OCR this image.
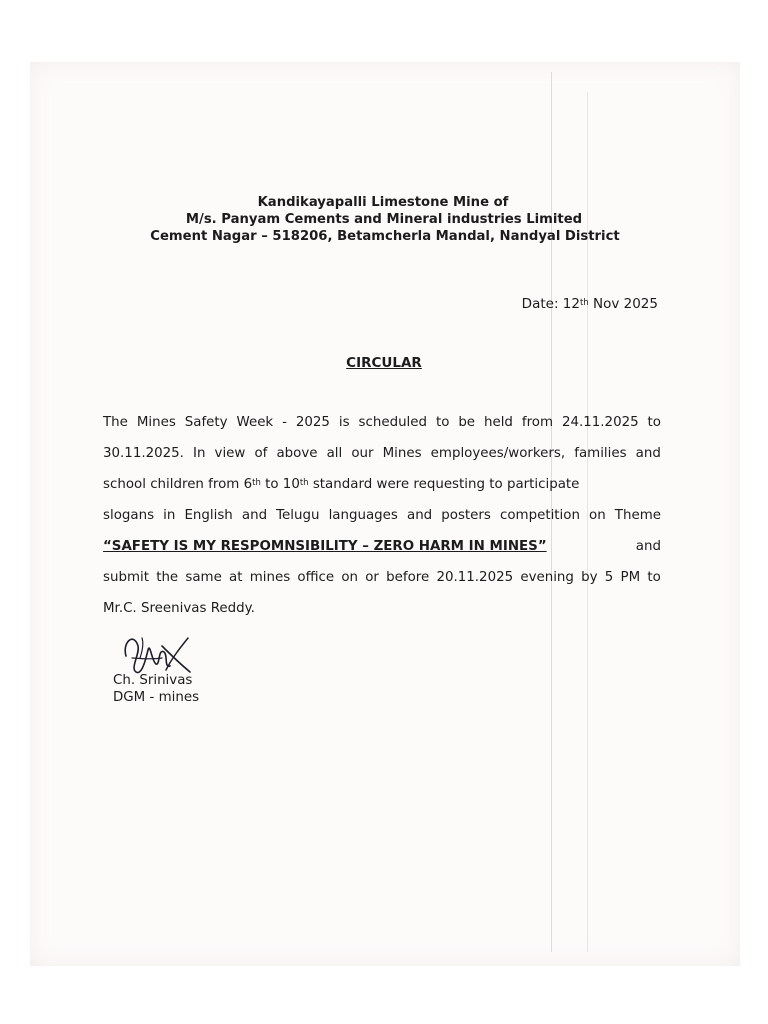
Kandikayapalli Limestone Mine of
M/s. Panyam Cements and Mineral industries Limited
Cement Nagar – 518206, Betamcherla Mandal, Nandyal District
Date: 12th Nov 2025
CIRCULAR
The Mines Safety Week - 2025 is scheduled to be held from 24.11.2025 to
30.11.2025. In view of above all our Mines employees/workers, families and
school children from 6th to 10th standard were requesting to participate
slogans in English and Telugu languages and posters competition on Theme
“SAFETY IS MY RESPOMNSIBILITY – ZERO HARM IN MINES”	and
submit the same at mines office on or before 20.11.2025 evening by 5 PM to
Mr.C. Sreenivas Reddy.
Ch. Srinivas
DGM - mines
